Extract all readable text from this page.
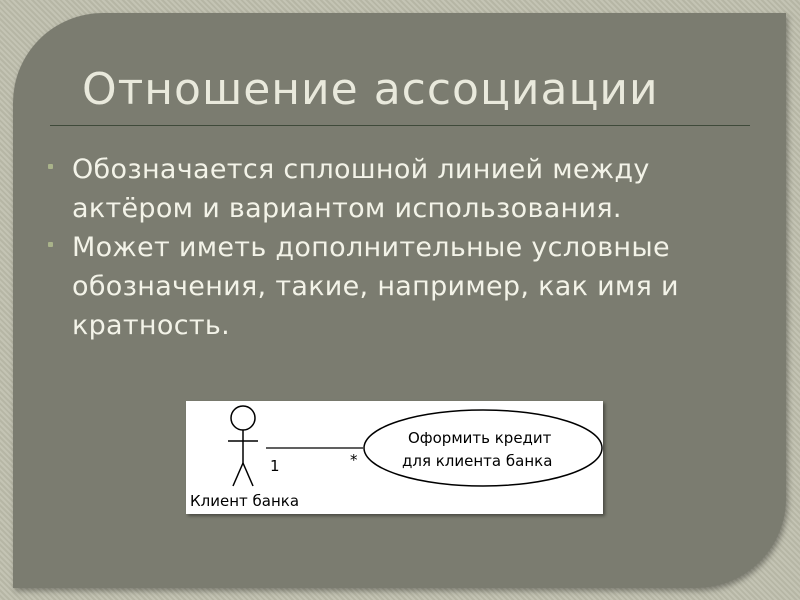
Отношение ассоциации
Обозначается сплошной линией между актёром и вариантом использования.
Может иметь дополнительные условные обозначения, такие, например, как имя и кратность.
Клиент банка
1	*
Оформить кредит
для клиента банка
